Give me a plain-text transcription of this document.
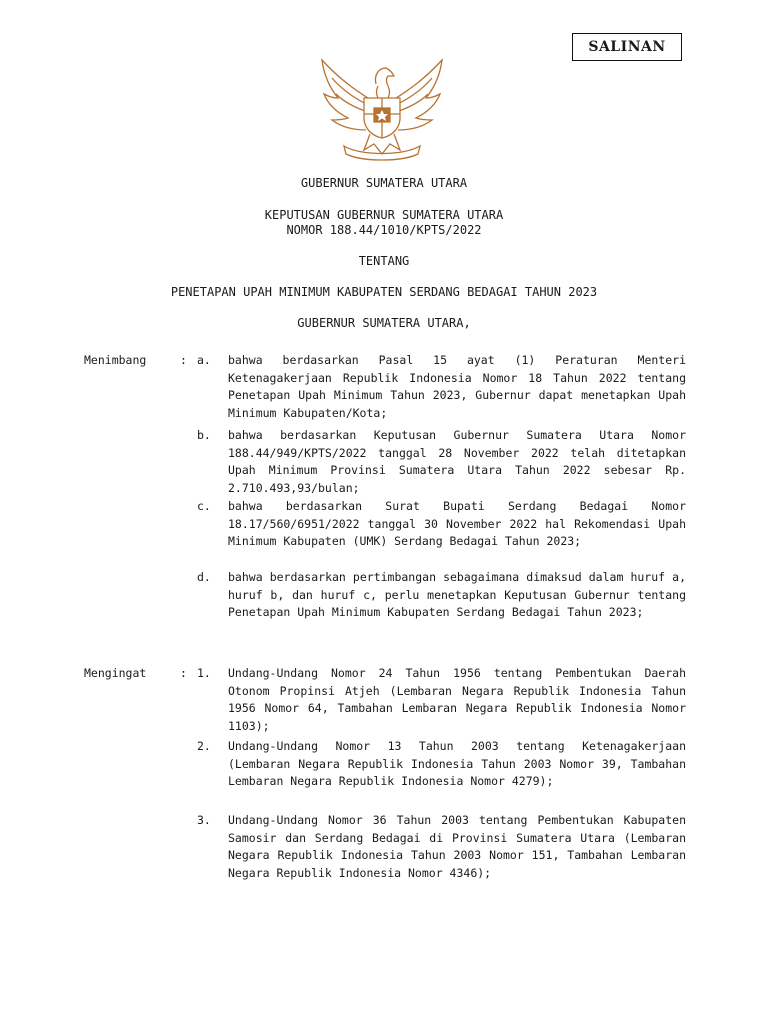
SALINAN
GUBERNUR SUMATERA UTARA
KEPUTUSAN GUBERNUR SUMATERA UTARA
NOMOR 188.44/1010/KPTS/2022
TENTANG
PENETAPAN UPAH MINIMUM KABUPATEN SERDANG BEDAGAI TAHUN 2023
GUBERNUR SUMATERA UTARA,
Menimbang	: a. bahwa berdasarkan Pasal 15 ayat (1) Peraturan Menteri Ketenagakerjaan Republik Indonesia Nomor 18 Tahun 2022 tentang Penetapan Upah Minimum Tahun 2023, Gubernur dapat menetapkan Upah Minimum Kabupaten/Kota;
b. bahwa berdasarkan Keputusan Gubernur Sumatera Utara Nomor 188.44/949/KPTS/2022 tanggal 28 November 2022 telah ditetapkan Upah Minimum Provinsi Sumatera Utara Tahun 2022 sebesar Rp. 2.710.493,93/bulan;
c. bahwa berdasarkan Surat Bupati Serdang Bedagai Nomor 18.17/560/6951/2022 tanggal 30 November 2022 hal Rekomendasi Upah Minimum Kabupaten (UMK) Serdang Bedagai Tahun 2023;
d. bahwa berdasarkan pertimbangan sebagaimana dimaksud dalam huruf a, huruf b, dan huruf c, perlu menetapkan Keputusan Gubernur tentang Penetapan Upah Minimum Kabupaten Serdang Bedagai Tahun 2023;
Mengingat	: 1. Undang-Undang Nomor 24 Tahun 1956 tentang Pembentukan Daerah Otonom Propinsi Atjeh (Lembaran Negara Republik Indonesia Tahun 1956 Nomor 64, Tambahan Lembaran Negara Republik Indonesia Nomor 1103);
2. Undang-Undang Nomor 13 Tahun 2003 tentang Ketenagakerjaan (Lembaran Negara Republik Indonesia Tahun 2003 Nomor 39, Tambahan Lembaran Negara Republik Indonesia Nomor 4279);
3. Undang-Undang Nomor 36 Tahun 2003 tentang Pembentukan Kabupaten Samosir dan Serdang Bedagai di Provinsi Sumatera Utara (Lembaran Negara Republik Indonesia Tahun 2003 Nomor 151, Tambahan Lembaran Negara Republik Indonesia Nomor 4346);
